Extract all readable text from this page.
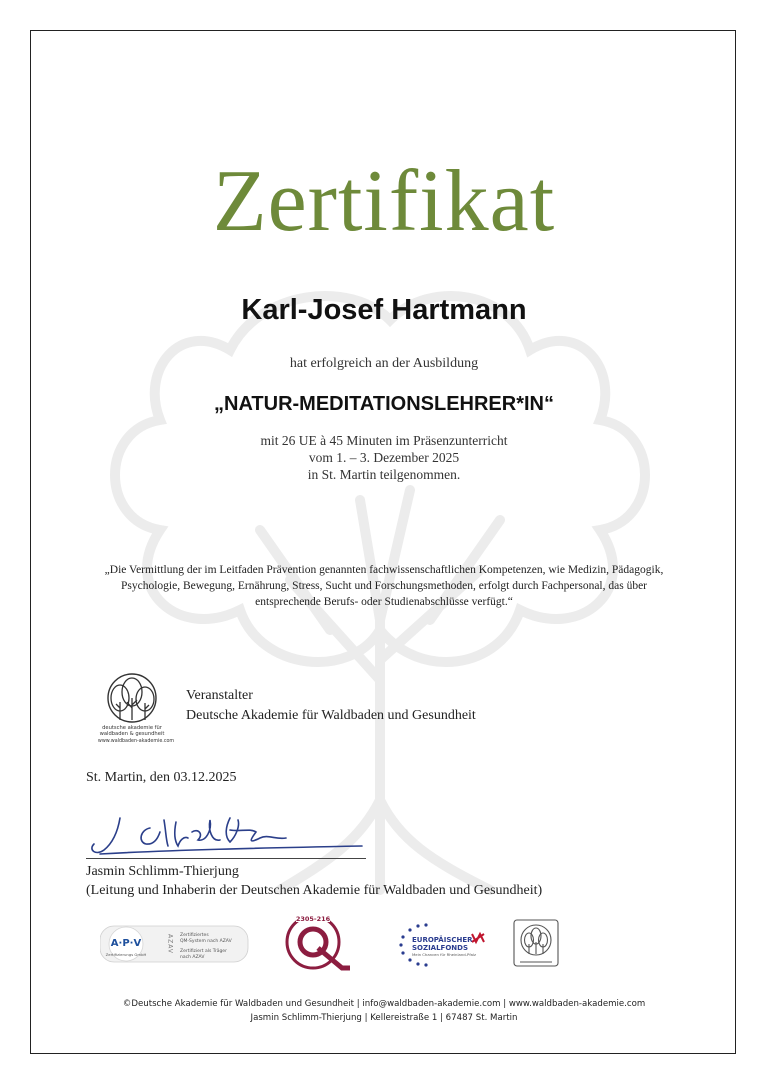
Zertifikat
Karl-Josef Hartmann
hat erfolgreich an der Ausbildung
„NATUR-MEDITATIONSLEHRER*IN“
mit 26 UE à 45 Minuten im Präsenzunterricht
vom 1. – 3. Dezember 2025
in St. Martin teilgenommen.
„Die Vermittlung der im Leitfaden Prävention genannten fachwissenschaftlichen Kompetenzen, wie Medizin, Pädagogik,
Psychologie, Bewegung, Ernährung, Stress, Sucht und Forschungsmethoden, erfolgt durch Fachpersonal, das über
entsprechende Berufs- oder Studienabschlüsse verfügt.“
deutsche akademie für
waldbaden & gesundheit
www.waldbaden-akademie.com
Veranstalter
Deutsche Akademie für Waldbaden und Gesundheit
St. Martin, den 03.12.2025
Jasmin Schlimm-Thierjung
(Leitung und Inhaberin der Deutschen Akademie für Waldbaden und Gesundheit)
A·P·V
Zertifizierungs GmbH
AZAV Zertifiziertes
QM-System nach AZAV
Zertifiziert als Träger
nach AZAV
2305-216
EUROPÄISCHER
SOZIALFONDS
Mein Chancen für Rheinland-Pfalz
©Deutsche Akademie für Waldbaden und Gesundheit | info@waldbaden-akademie.com | www.waldbaden-akademie.com
Jasmin Schlimm-Thierjung | Kellereistraße 1 | 67487 St. Martin
